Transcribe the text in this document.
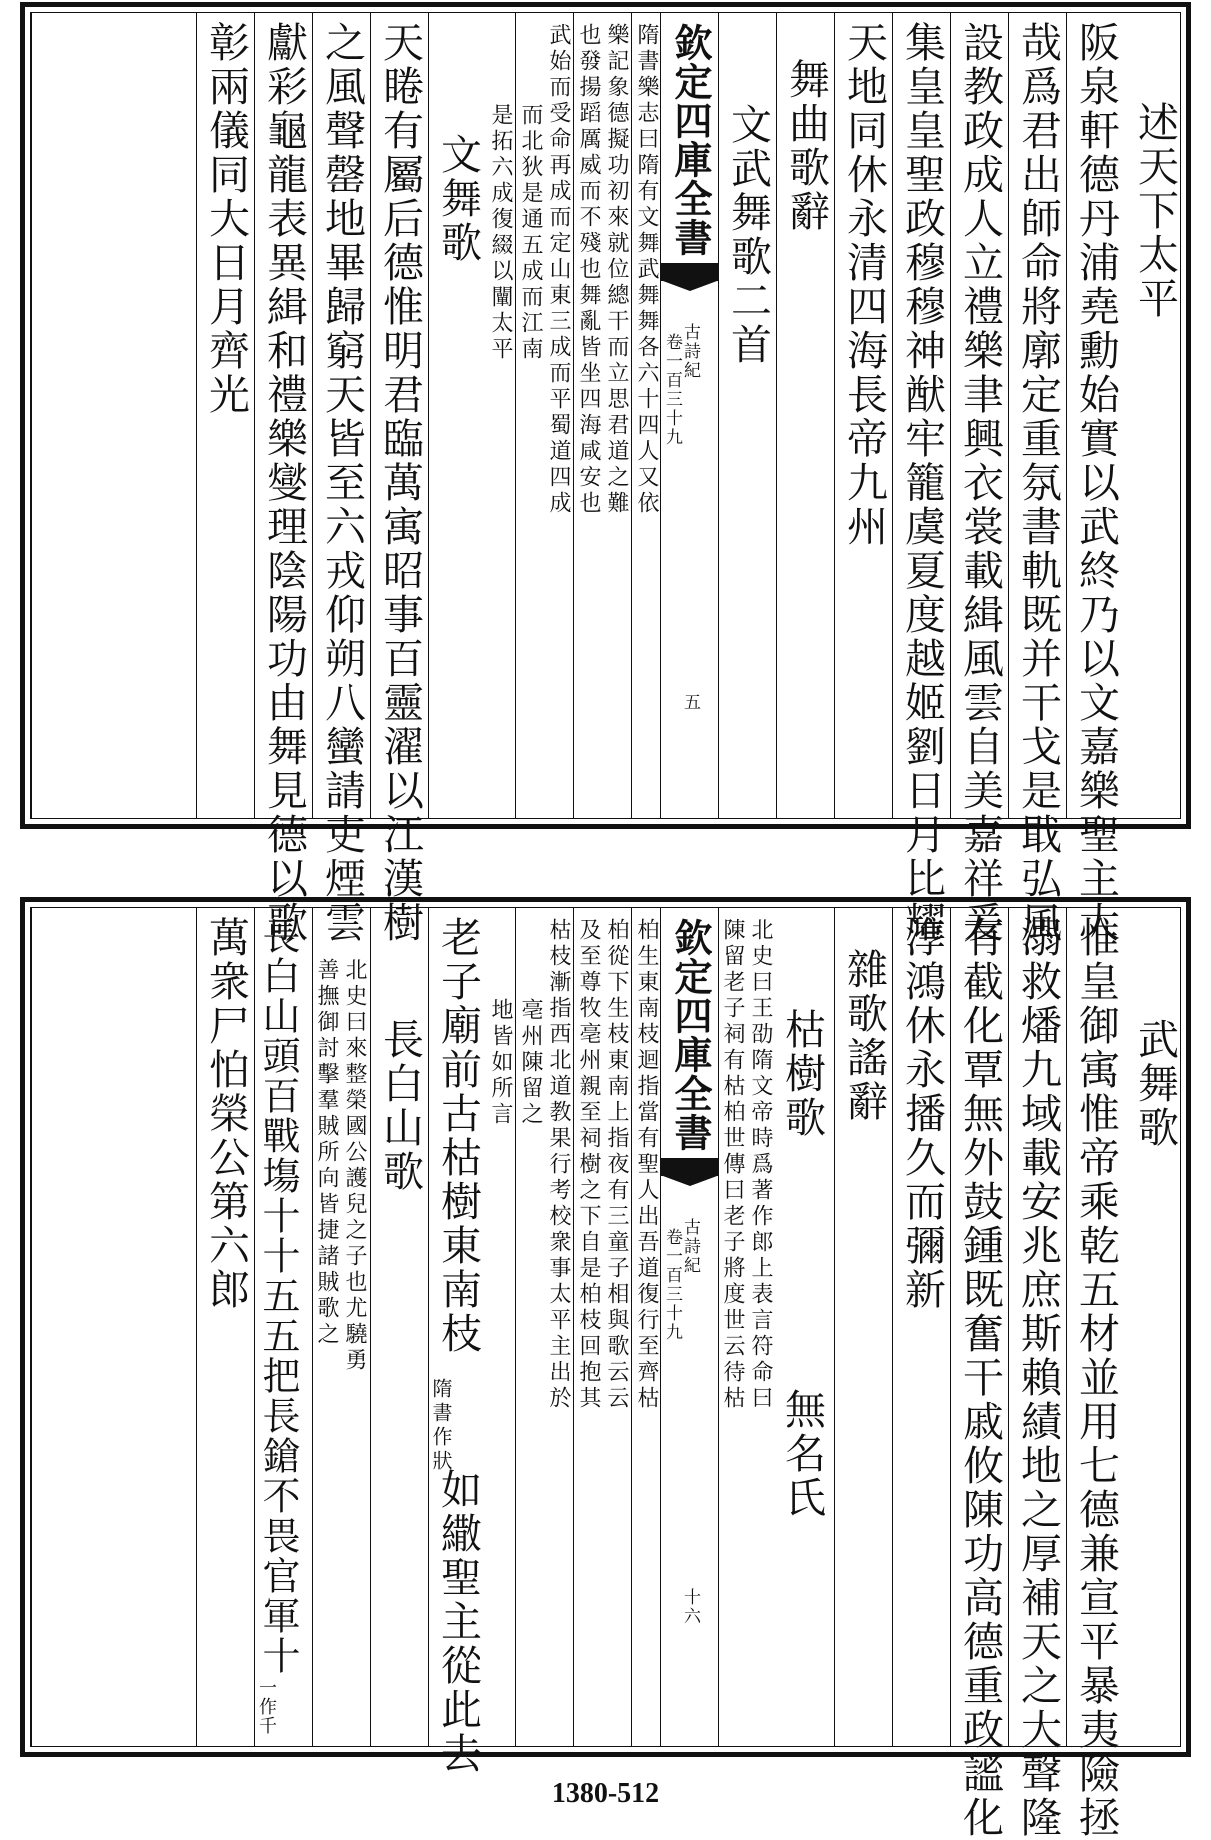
述天下太平
阪泉軒德丹浦堯勳始實以武終乃以文嘉樂聖主大
哉爲君出師命將廓定重氛書軌既并干戈是戢弘風
設教政成人立禮樂聿興衣裳載緝風雲自美嘉祥爰
集皇皇聖政穆穆神猷牢籠虞夏度越姬劉日月比耀
天地同休永清四海長帝九州
舞曲歌辭
文武舞歌二首
欽定四庫全書
古詩紀
卷一百三十九
五
隋書樂志曰隋有文舞武舞舞各六十四人又依
樂記象德擬功初來就位總干而立思君道之難
也發揚蹈厲威而不殘也舞亂皆坐四海咸安也
武始而受命再成而定山東三成而平蜀道四成
而北狄是通五成而江南
是拓六成復綴以闡太平
文舞歌
天睠有屬后德惟明君臨萬㝢昭事百靈濯以江漢樹
之風聲罄地畢歸窮天皆至六戎仰朔八蠻請吏煙雲
獻彩龜龍表異緝和禮樂燮理陰陽功由舞見德以歌
彰兩儀同大日月齊光
武舞歌
惟皇御㝢惟帝乘乾五材並用七德兼宣平暴夷險拯
溺救燔九域載安兆庶斯賴績地之厚補天之大聲隆
有截化覃無外鼓鍾既奮干戚攸陳功高德重政謐化
淳鴻休永播久而彌新
雜歌謠辭
枯樹歌
無名氏
北史曰王劭隋文帝時爲著作郎上表言符命曰
陳留老子祠有枯柏世傳曰老子將度世云待枯
欽定四庫全書
古詩紀
卷一百三十九
十六
柏生東南枝迴指當有聖人出吾道復行至齊枯
柏從下生枝東南上指夜有三童子相與歌云云
及至尊牧亳州親至祠樹之下自是柏枝回抱其
枯枝漸指西北道教果行考校衆事太平主出於
亳州陳留之
地皆如所言
老子廟前古枯樹東南枝
隋書作狀
如繖聖主從此去
長白山歌
北史曰來整榮國公護兒之子也尤驍勇
善撫御討擊羣賊所向皆捷諸賊歌之
長白山頭百戰塲十十五五把長鎗不畏官軍十
一作千
萬衆尸怕榮公第六郎
1380-512
